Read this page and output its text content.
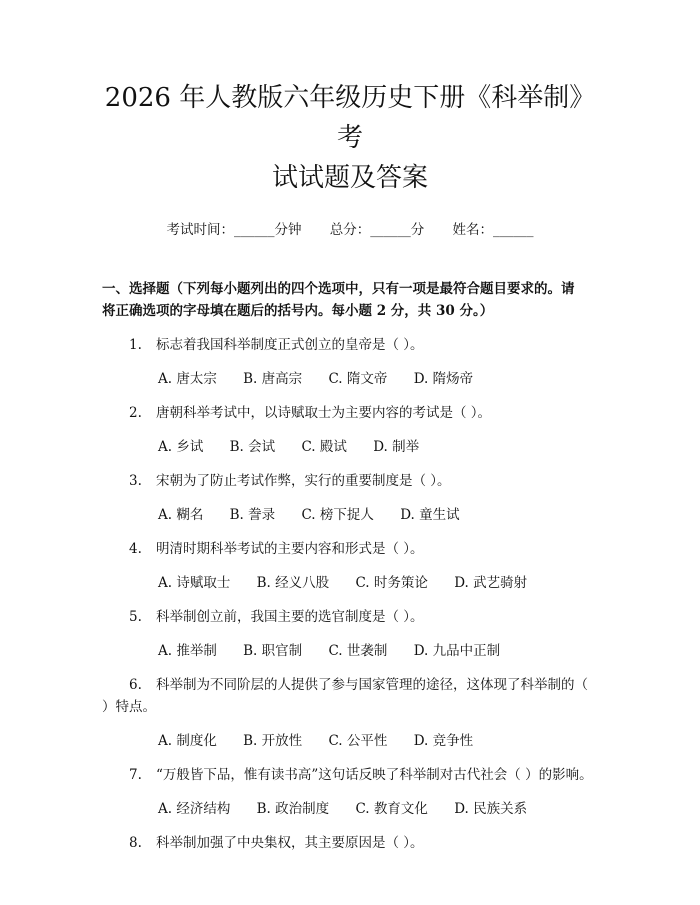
2026 年人教版六年级历史下册《科举制》考
试试题及答案
考试时间：______分钟 总分：______分 姓名：______
一、选择题（下列每小题列出的四个选项中，只有一项是最符合题目要求的。请
将正确选项的字母填在题后的括号内。每小题 2 分，共 30 分。）
1. 标志着我国科举制度正式创立的皇帝是（ ）。
A. 唐太宗 B. 唐高宗 C. 隋文帝 D. 隋炀帝
2. 唐朝科举考试中，以诗赋取士为主要内容的考试是（ ）。
A. 乡试 B. 会试 C. 殿试 D. 制举
3. 宋朝为了防止考试作弊，实行的重要制度是（ ）。
A. 糊名 B. 誊录 C. 榜下捉人 D. 童生试
4. 明清时期科举考试的主要内容和形式是（ ）。
A. 诗赋取士 B. 经义八股 C. 时务策论 D. 武艺骑射
5. 科举制创立前，我国主要的选官制度是（ ）。
A. 推举制 B. 职官制 C. 世袭制 D. 九品中正制
6. 科举制为不同阶层的人提供了参与国家管理的途径，这体现了科举制的（ ）特点。
A. 制度化 B. 开放性 C. 公平性 D. 竞争性
7. “万般皆下品，惟有读书高”这句话反映了科举制对古代社会（ ）的影响。
A. 经济结构 B. 政治制度 C. 教育文化 D. 民族关系
8. 科举制加强了中央集权，其主要原因是（ ）。
